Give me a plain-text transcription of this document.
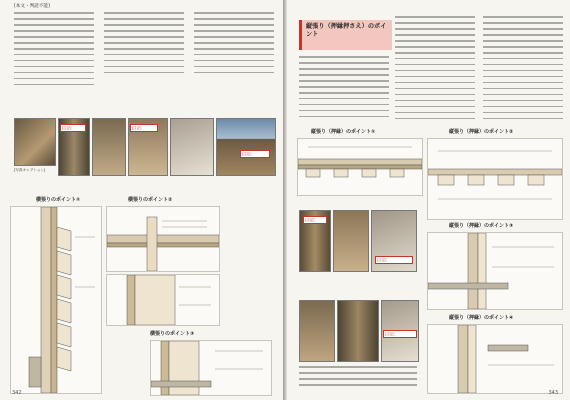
[本文・判読不能]
[注記]	[注記]
[注記]
[写真キャプション]
横張りのポイント①	横張りのポイント②
横張りのポイント③
342
縦張り（押縁押さえ）のポイント
縦張り（押縁）のポイント①	縦張り（押縁）のポイント②
[注記]
[注記]
[注記]
縦張り（押縁）のポイント③
縦張り（押縁）のポイント④
343
